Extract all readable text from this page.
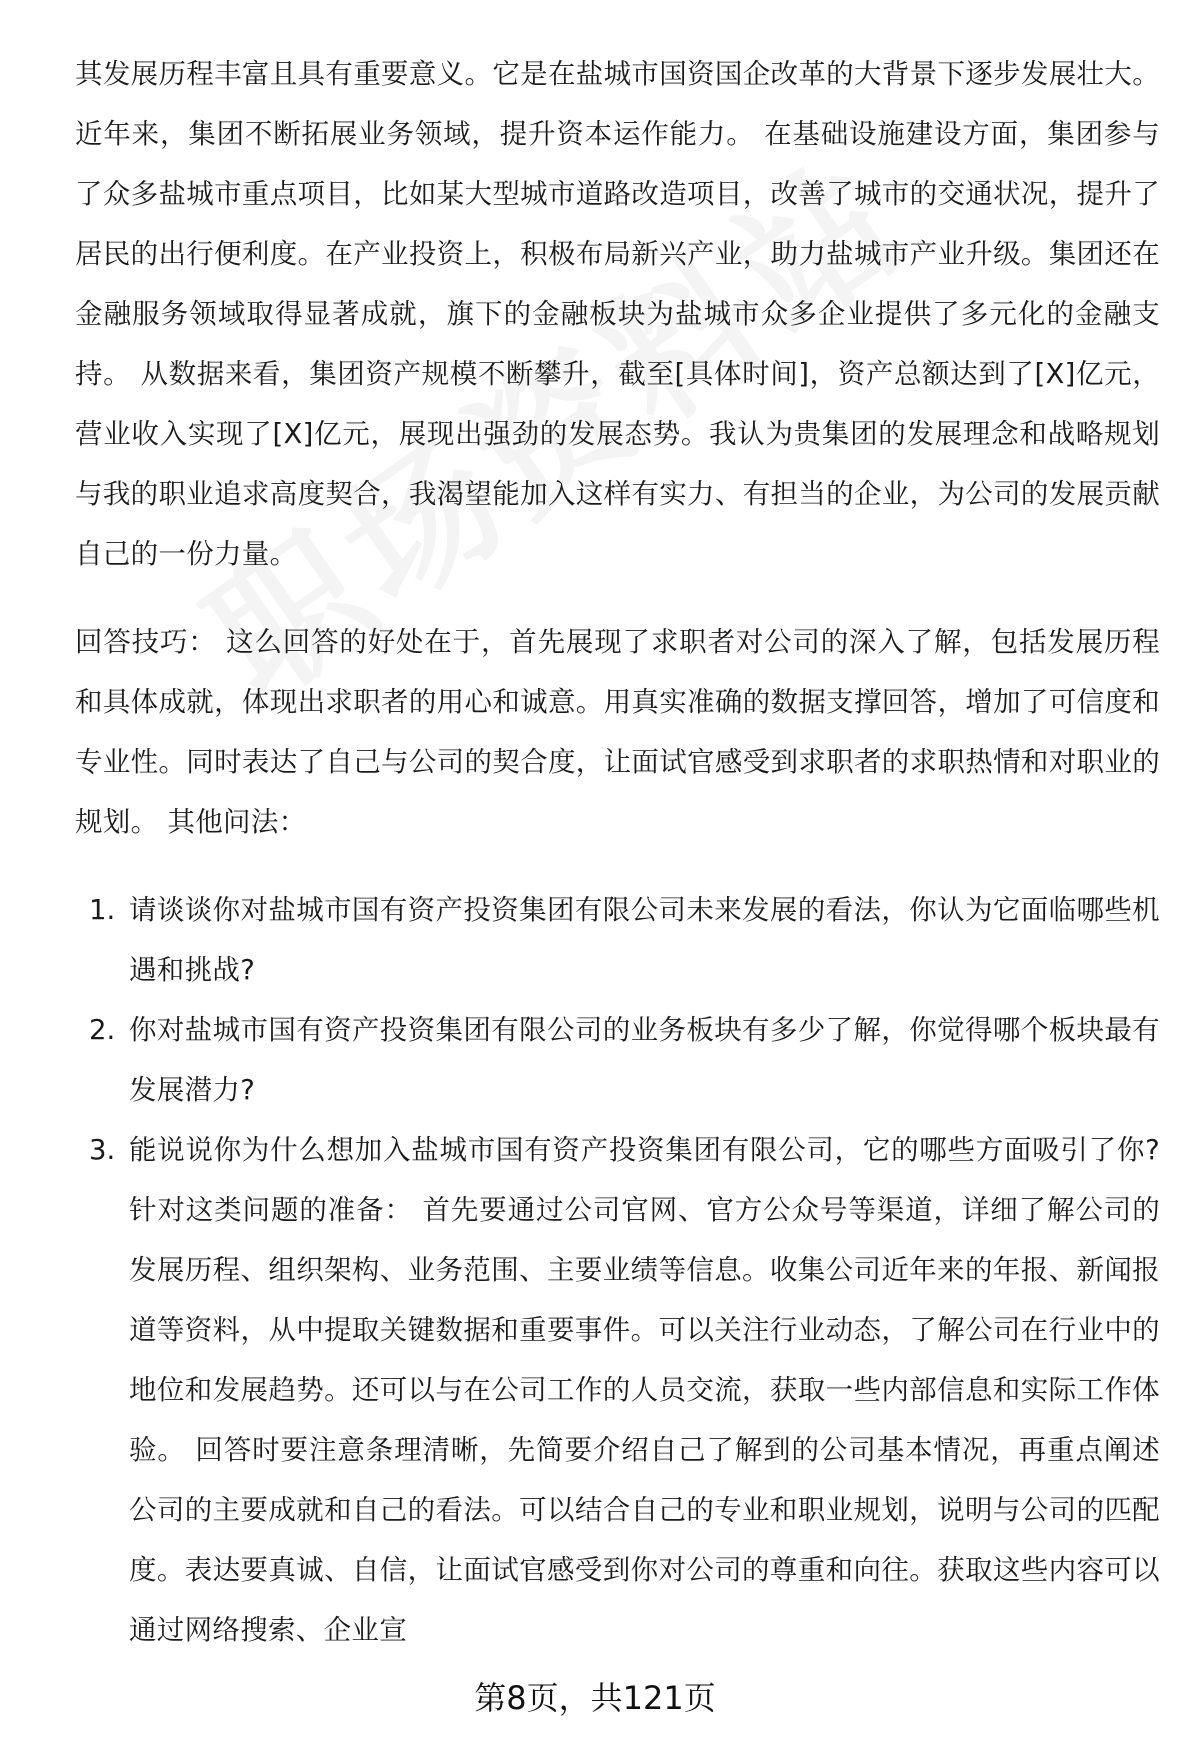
其发展历程丰富且具有重要意义。它是在盐城市国资国企改革的大背景下逐步发展壮大。近年来，集团不断拓展业务领域，提升资本运作能力。 在基础设施建设方面，集团参与了众多盐城市重点项目，比如某大型城市道路改造项目，改善了城市的交通状况，提升了居民的出行便利度。在产业投资上，积极布局新兴产业，助力盐城市产业升级。集团还在金融服务领域取得显著成就，旗下的金融板块为盐城市众多企业提供了多元化的金融支持。 从数据来看，集团资产规模不断攀升，截至[具体时间]，资产总额达到了[X]亿元，营业收入实现了[X]亿元，展现出强劲的发展态势。我认为贵集团的发展理念和战略规划与我的职业追求高度契合，我渴望能加入这样有实力、有担当的企业，为公司的发展贡献自己的一份力量。

回答技巧： 这么回答的好处在于，首先展现了求职者对公司的深入了解，包括发展历程和具体成就，体现出求职者的用心和诚意。用真实准确的数据支撑回答，增加了可信度和专业性。同时表达了自己与公司的契合度，让面试官感受到求职者的求职热情和对职业的规划。 其他问法：

1. 请谈谈你对盐城市国有资产投资集团有限公司未来发展的看法，你认为它面临哪些机遇和挑战?
2. 你对盐城市国有资产投资集团有限公司的业务板块有多少了解，你觉得哪个板块最有发展潜力?
3. 能说说你为什么想加入盐城市国有资产投资集团有限公司，它的哪些方面吸引了你? 针对这类问题的准备： 首先要通过公司官网、官方公众号等渠道，详细了解公司的发展历程、组织架构、业务范围、主要业绩等信息。收集公司近年来的年报、新闻报道等资料，从中提取关键数据和重要事件。可以关注行业动态，了解公司在行业中的地位和发展趋势。还可以与在公司工作的人员交流，获取一些内部信息和实际工作体验。 回答时要注意条理清晰，先简要介绍自己了解到的公司基本情况，再重点阐述公司的主要成就和自己的看法。可以结合自己的专业和职业规划，说明与公司的匹配度。表达要真诚、自信，让面试官感受到你对公司的尊重和向往。获取这些内容可以通过网络搜索、企业宣
第8页，共121页
